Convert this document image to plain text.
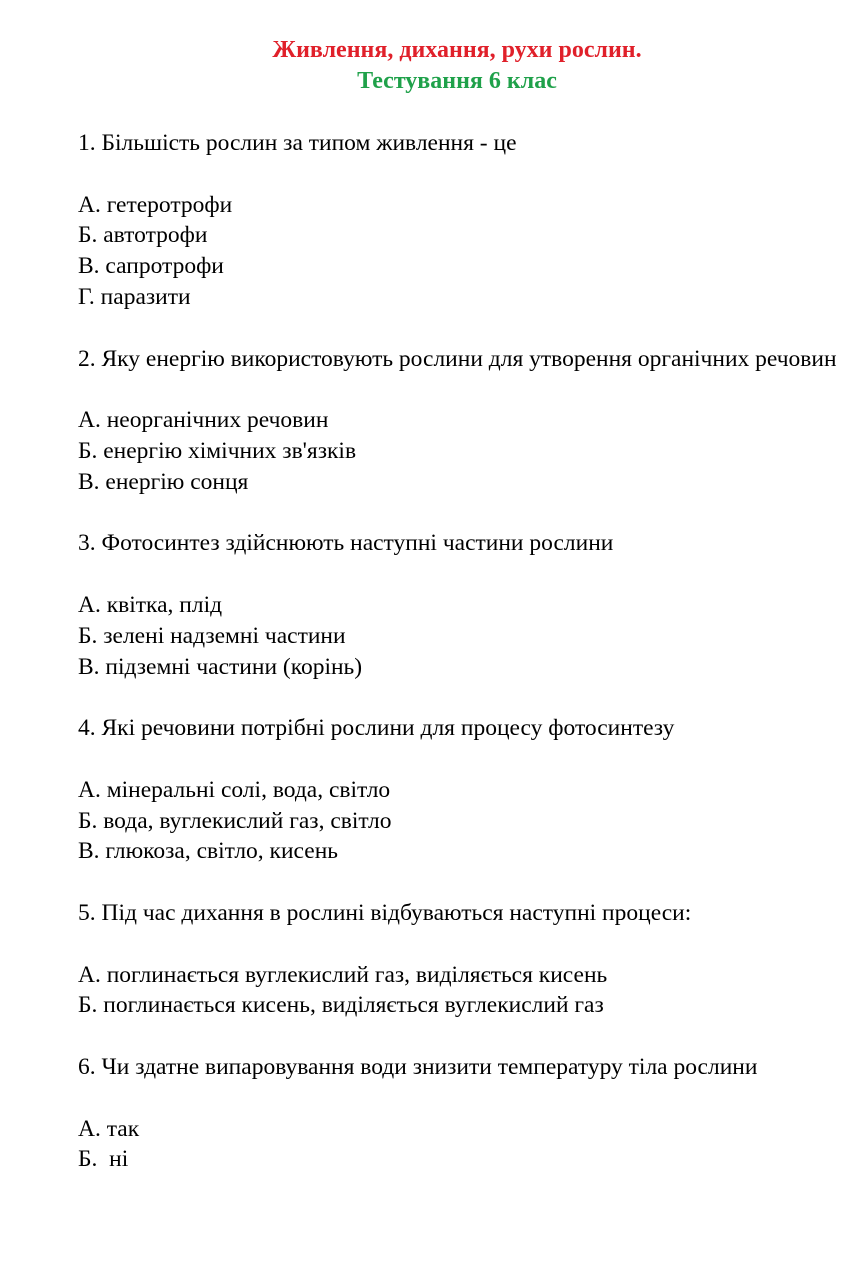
Живлення, дихання, рухи рослин.
Тестування 6 клас
1. Більшість рослин за типом живлення - це
А. гетеротрофи
Б. автотрофи
В. сапротрофи
Г. паразити
2. Яку енергію використовують рослини для утворення органічних речовин
А. неорганічних речовин
Б. енергію хімічних зв'язків
В. енергію сонця
3. Фотосинтез здійснюють наступні частини рослини
А. квітка, плід
Б. зелені надземні частини
В. підземні частини (корінь)
4. Які речовини потрібні рослини для процесу фотосинтезу
А. мінеральні солі, вода, світло
Б. вода, вуглекислий газ, світло
В. глюкоза, світло, кисень
5. Під час дихання в рослині відбуваються наступні процеси:
А. поглинається вуглекислий газ, виділяється кисень
Б. поглинається кисень, виділяється вуглекислий газ
6. Чи здатне випаровування води знизити температуру тіла рослини
А. так
Б.  ні
